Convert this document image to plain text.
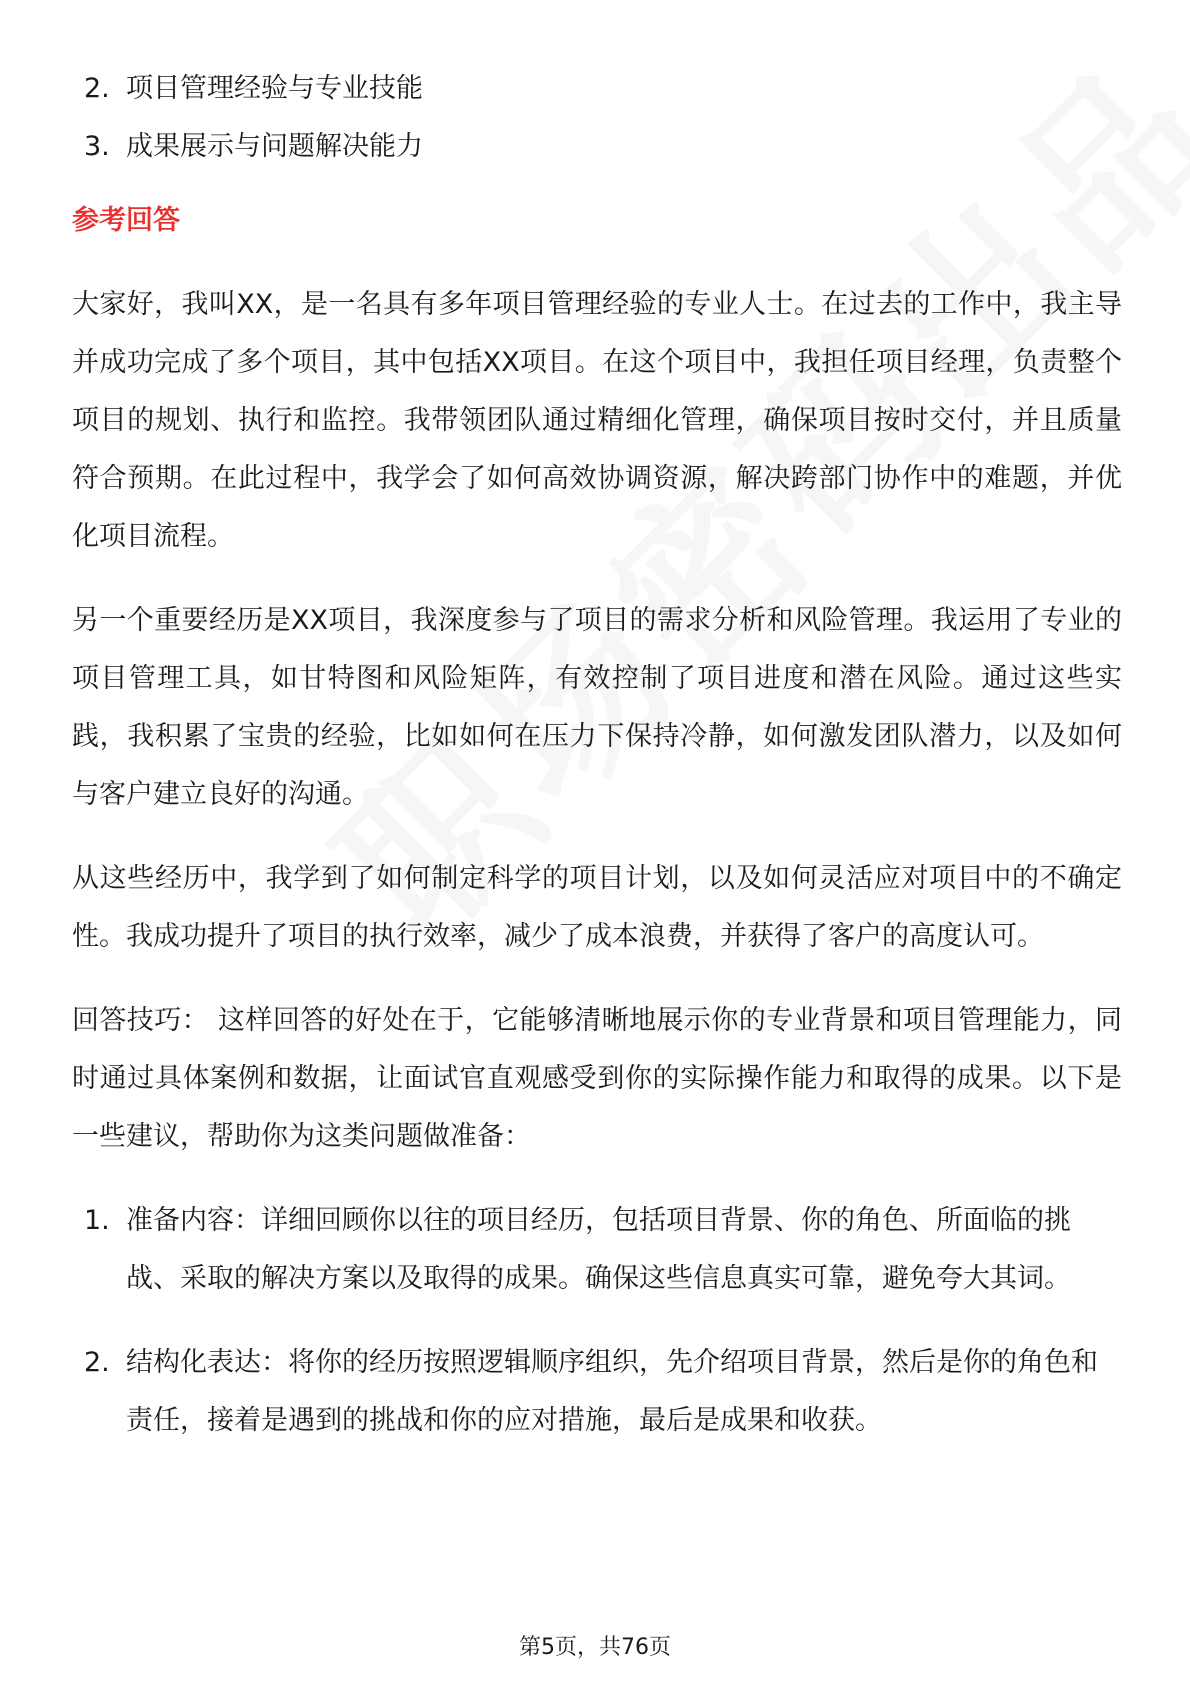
2. 项目管理经验与专业技能
3. 成果展示与问题解决能力
参考回答

大家好，我叫XX，是一名具有多年项目管理经验的专业人士。在过去的工作中，我主导并成功完成了多个项目，其中包括XX项目。在这个项目中，我担任项目经理，负责整个项目的规划、执行和监控。我带领团队通过精细化管理，确保项目按时交付，并且质量符合预期。在此过程中，我学会了如何高效协调资源，解决跨部门协作中的难题，并优化项目流程。

另一个重要经历是XX项目，我深度参与了项目的需求分析和风险管理。我运用了专业的项目管理工具，如甘特图和风险矩阵，有效控制了项目进度和潜在风险。通过这些实践，我积累了宝贵的经验，比如如何在压力下保持冷静，如何激发团队潜力，以及如何与客户建立良好的沟通。

从这些经历中，我学到了如何制定科学的项目计划，以及如何灵活应对项目中的不确定性。我成功提升了项目的执行效率，减少了成本浪费，并获得了客户的高度认可。

回答技巧： 这样回答的好处在于，它能够清晰地展示你的专业背景和项目管理能力，同时通过具体案例和数据，让面试官直观感受到你的实际操作能力和取得的成果。以下是一些建议，帮助你为这类问题做准备：

1. 准备内容：详细回顾你以往的项目经历，包括项目背景、你的角色、所面临的挑战、采取的解决方案以及取得的成果。确保这些信息真实可靠，避免夸大其词。
2. 结构化表达：将你的经历按照逻辑顺序组织，先介绍项目背景，然后是你的角色和责任，接着是遇到的挑战和你的应对措施，最后是成果和收获。
第5页，共76页
